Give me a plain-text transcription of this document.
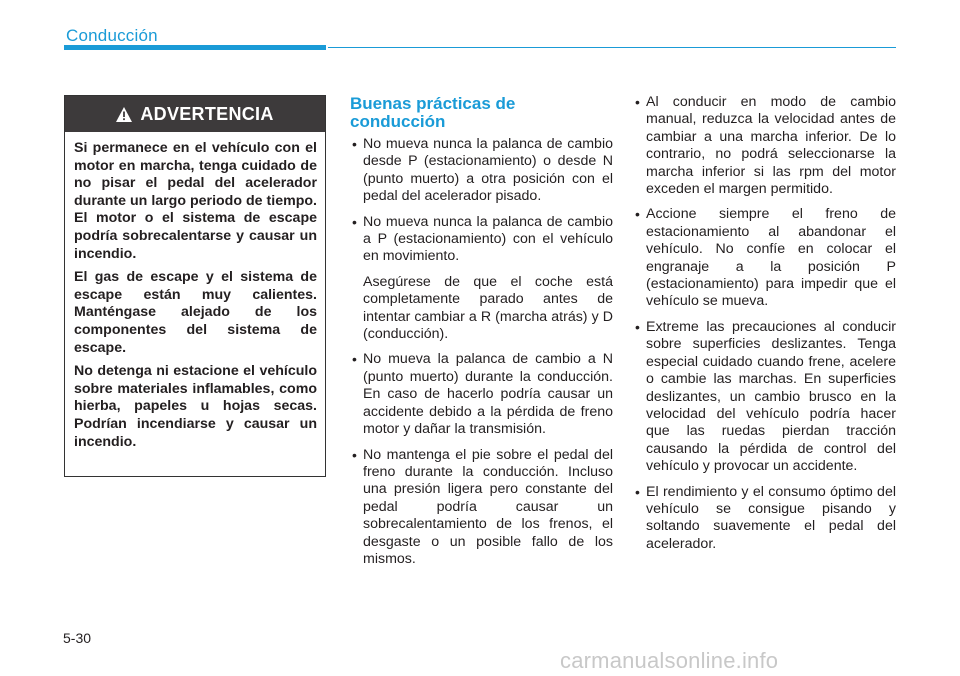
Conducción
ADVERTENCIA

Si permanece en el vehículo con el motor en marcha, tenga cuidado de no pisar el pedal del acelerador durante un largo periodo de tiempo. El motor o el sistema de escape podría sobrecalentarse y causar un incendio.

El gas de escape y el sistema de escape están muy calientes. Manténgase alejado de los componentes del sistema de escape.

No detenga ni estacione el vehículo sobre materiales inflamables, como hierba, papeles u hojas secas. Podrían incendiarse y causar un incendio.

Buenas prácticas de conducción
• No mueva nunca la palanca de cambio desde P (estacionamiento) o desde N (punto muerto) a otra posición con el pedal del acelerador pisado.
• No mueva nunca la palanca de cambio a P (estacionamiento) con el vehículo en movimiento.
Asegúrese de que el coche está completamente parado antes de intentar cambiar a R (marcha atrás) y D (conducción).
• No mueva la palanca de cambio a N (punto muerto) durante la conducción. En caso de hacerlo podría causar un accidente debido a la pérdida de freno motor y dañar la transmisión.
• No mantenga el pie sobre el pedal del freno durante la conducción. Incluso una presión ligera pero constante del pedal podría causar un sobrecalentamiento de los frenos, el desgaste o un posible fallo de los mismos.
• Al conducir en modo de cambio manual, reduzca la velocidad antes de cambiar a una marcha inferior. De lo contrario, no podrá seleccionarse la marcha inferior si las rpm del motor exceden el margen permitido.
• Accione siempre el freno de estacionamiento al abandonar el vehículo. No confíe en colocar el engranaje a la posición P (estacionamiento) para impedir que el vehículo se mueva.
• Extreme las precauciones al conducir sobre superficies deslizantes. Tenga especial cuidado cuando frene, acelere o cambie las marchas. En superficies deslizantes, un cambio brusco en la velocidad del vehículo podría hacer que las ruedas pierdan tracción causando la pérdida de control del vehículo y provocar un accidente.
• El rendimiento y el consumo óptimo del vehículo se consigue pisando y soltando suavemente el pedal del acelerador.
5-30
carmanualsonline.info
